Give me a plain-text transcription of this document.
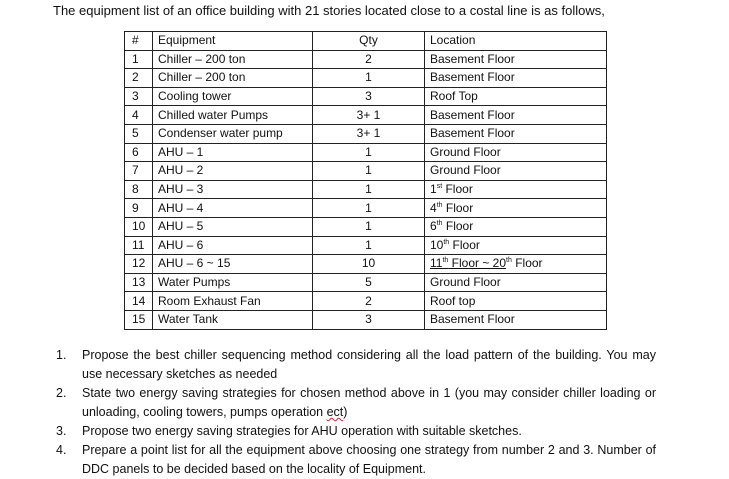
The equipment list of an office building with 21 stories located close to a costal line is as follows,
#	Equipment	Qty	Location
1	Chiller – 200 ton	2	Basement Floor
2	Chiller – 200 ton	1	Basement Floor
3	Cooling tower	3	Roof Top
4	Chilled water Pumps	3+ 1	Basement Floor
5	Condenser water pump	3+ 1	Basement Floor
6	AHU – 1	1	Ground Floor
7	AHU – 2	1	Ground Floor
8	AHU – 3	1	1st Floor
9	AHU – 4	1	4th Floor
10	AHU – 5	1	6th Floor
11	AHU – 6	1	10th Floor
12	AHU – 6 ~ 15	10	11th Floor ~ 20th Floor
13	Water Pumps	5	Ground Floor
14	Room Exhaust Fan	2	Roof top
15	Water Tank	3	Basement Floor
1. Propose the best chiller sequencing method considering all the load pattern of the building. You may use necessary sketches as needed
2. State two energy saving strategies for chosen method above in 1 (you may consider chiller loading or unloading, cooling towers, pumps operation ect)
3. Propose two energy saving strategies for AHU operation with suitable sketches.
4. Prepare a point list for all the equipment above choosing one strategy from number 2 and 3. Number of DDC panels to be decided based on the locality of Equipment.
